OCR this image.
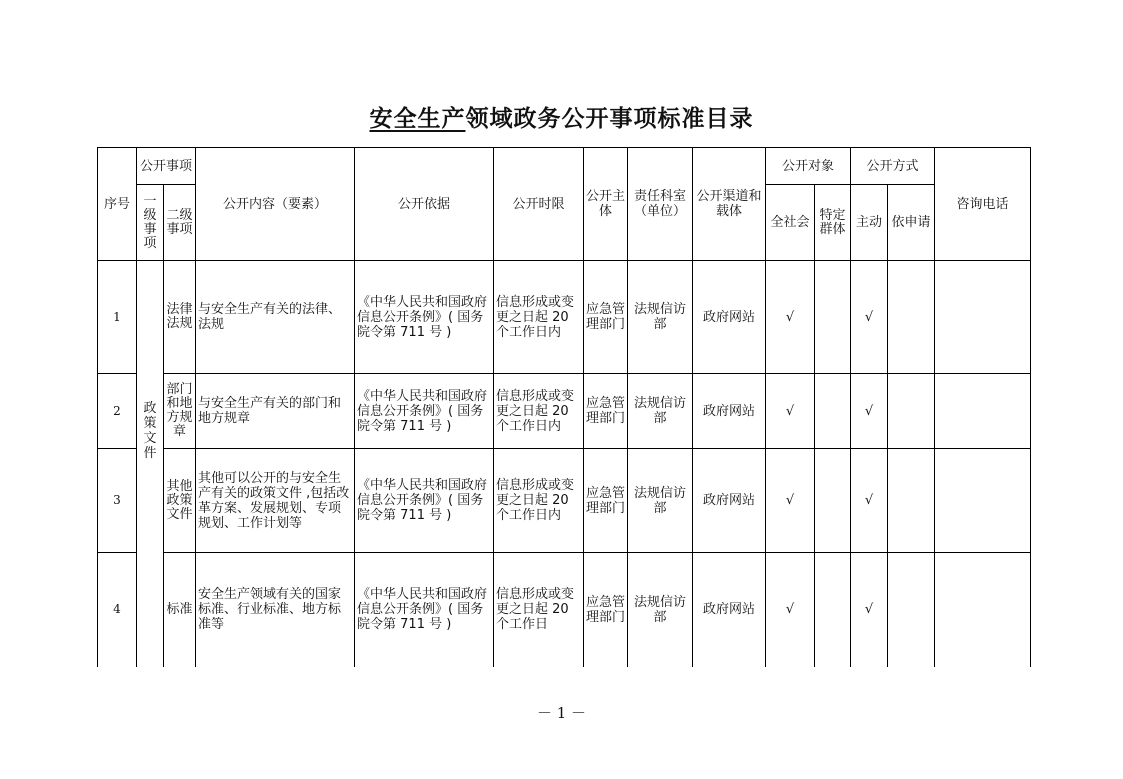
安全生产领域政务公开事项标准目录
序号	公开事项		公开内容（要素）	公开依据	公开时限	公开主体	责任科室（单位）	公开渠道和载体	公开对象		公开方式		咨询电话
	一级事项	二级事项							全社会	特定群体	主动	依申请	
1	政策文件	法律法规	与安全生产有关的法律、法规	《中华人民共和国政府信息公开条例》( 国务院令第 711 号 )	信息形成或变更之日起 20 个工作日内	应急管理部门	法规信访部	政府网站	√		√		
2		部门和地方规章	与安全生产有关的部门和地方规章	《中华人民共和国政府信息公开条例》( 国务院令第 711 号 )	信息形成或变更之日起 20 个工作日内	应急管理部门	法规信访部	政府网站	√		√		
3		其他政策文件	其他可以公开的与安全生产有关的政策文件 ,包括改革方案、发展规划、专项规划、工作计划等	《中华人民共和国政府信息公开条例》( 国务院令第 711 号 )	信息形成或变更之日起 20 个工作日内	应急管理部门	法规信访部	政府网站	√		√		
4		标准	安全生产领域有关的国家标准、行业标准、地方标准等	《中华人民共和国政府信息公开条例》( 国务院令第 711 号 )	信息形成或变更之日起 20 个工作日	应急管理部门	法规信访部	政府网站	√		√		
－ 1 －
